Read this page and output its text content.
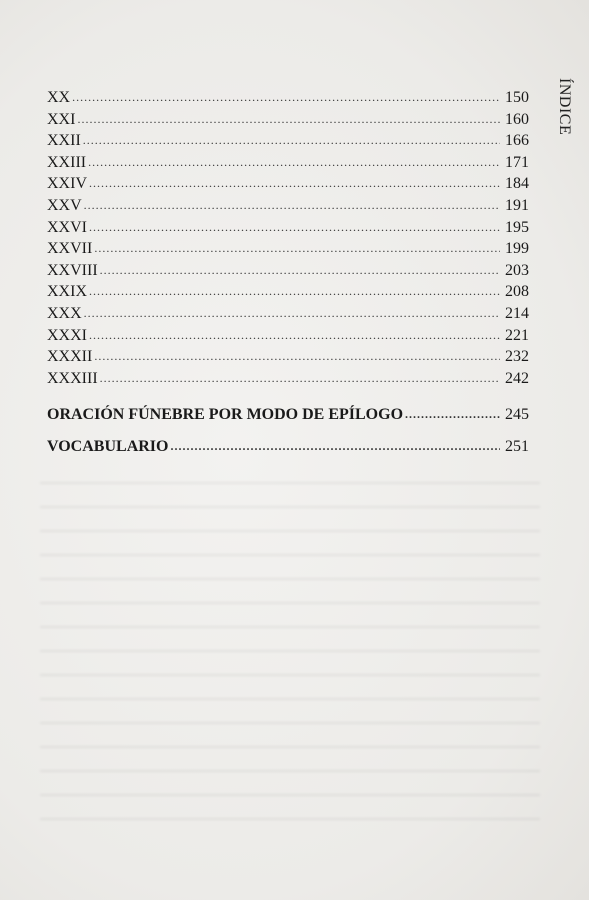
ÍNDICE
XX .....	150
XXI .....	160
XXII .....	166
XXIII .....	171
XXIV .....	184
XXV .....	191
XXVI .....	195
XXVII .....	199
XXVIII .....	203
XXIX .....	208
XXX .....	214
XXXI .....	221
XXXII .....	232
XXXIII .....	242
ORACIÓN FÚNEBRE POR MODO DE EPÍLOGO .....	245
VOCABULARIO .....	251
